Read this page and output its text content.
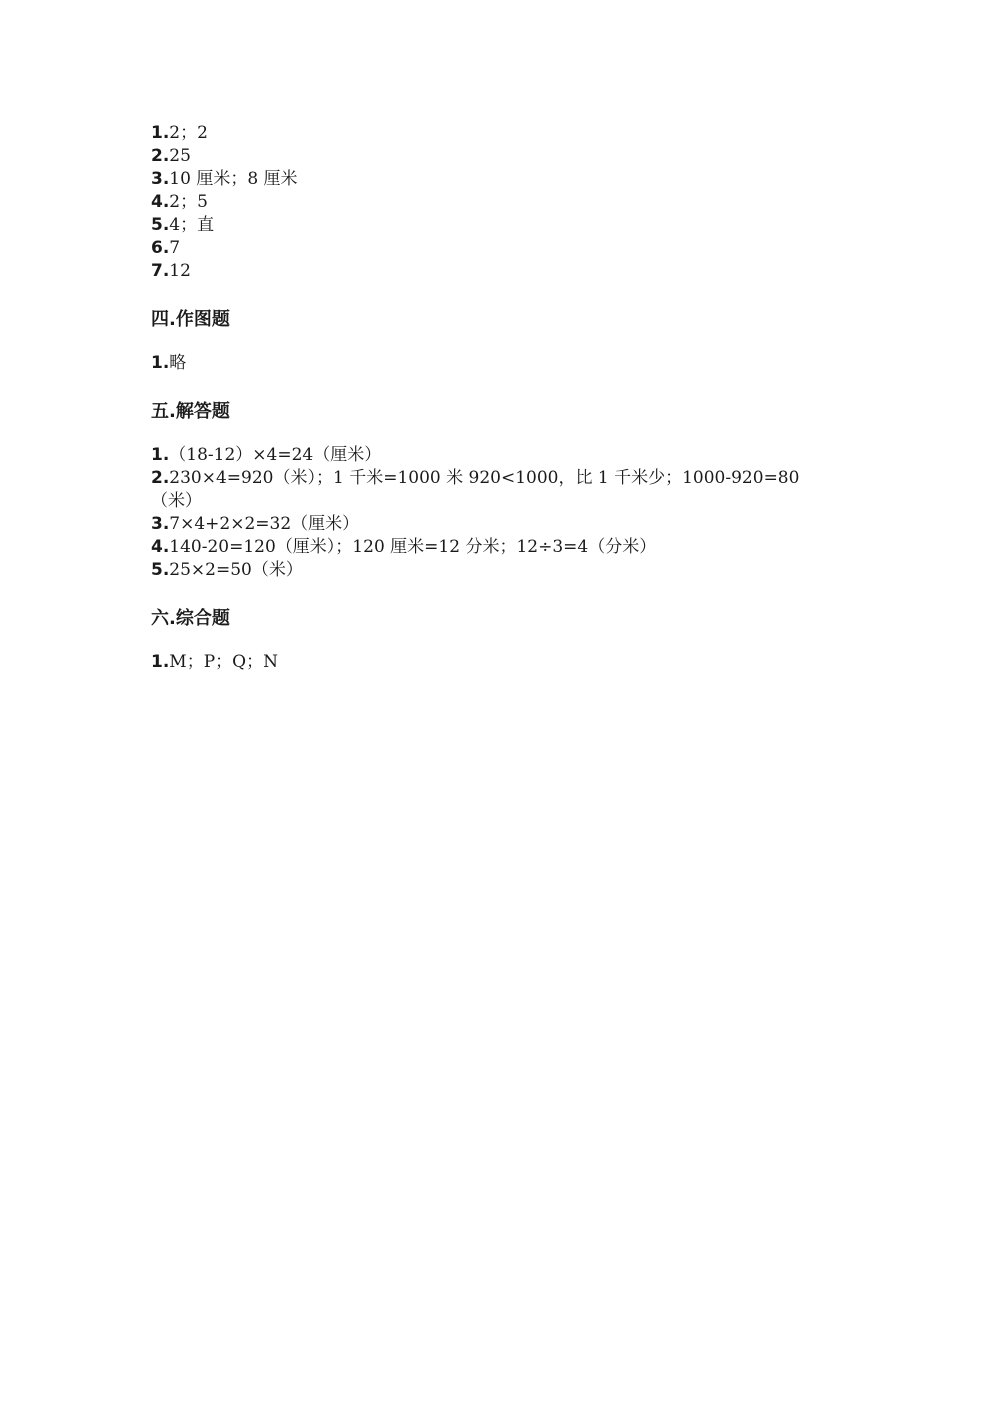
1.2；2
2.25
3.10 厘米；8 厘米
4.2；5
5.4；直
6.7
7.12
四.作图题
1.略
五.解答题
1.（18-12）×4=24（厘米）
2.230×4=920（米）；1 千米=1000 米 920<1000，比 1 千米少；1000-920=80（米）
3.7×4+2×2=32（厘米）
4.140-20=120（厘米）；120 厘米=12 分米；12÷3=4（分米）
5.25×2=50（米）
六.综合题
1.M；P；Q；N
